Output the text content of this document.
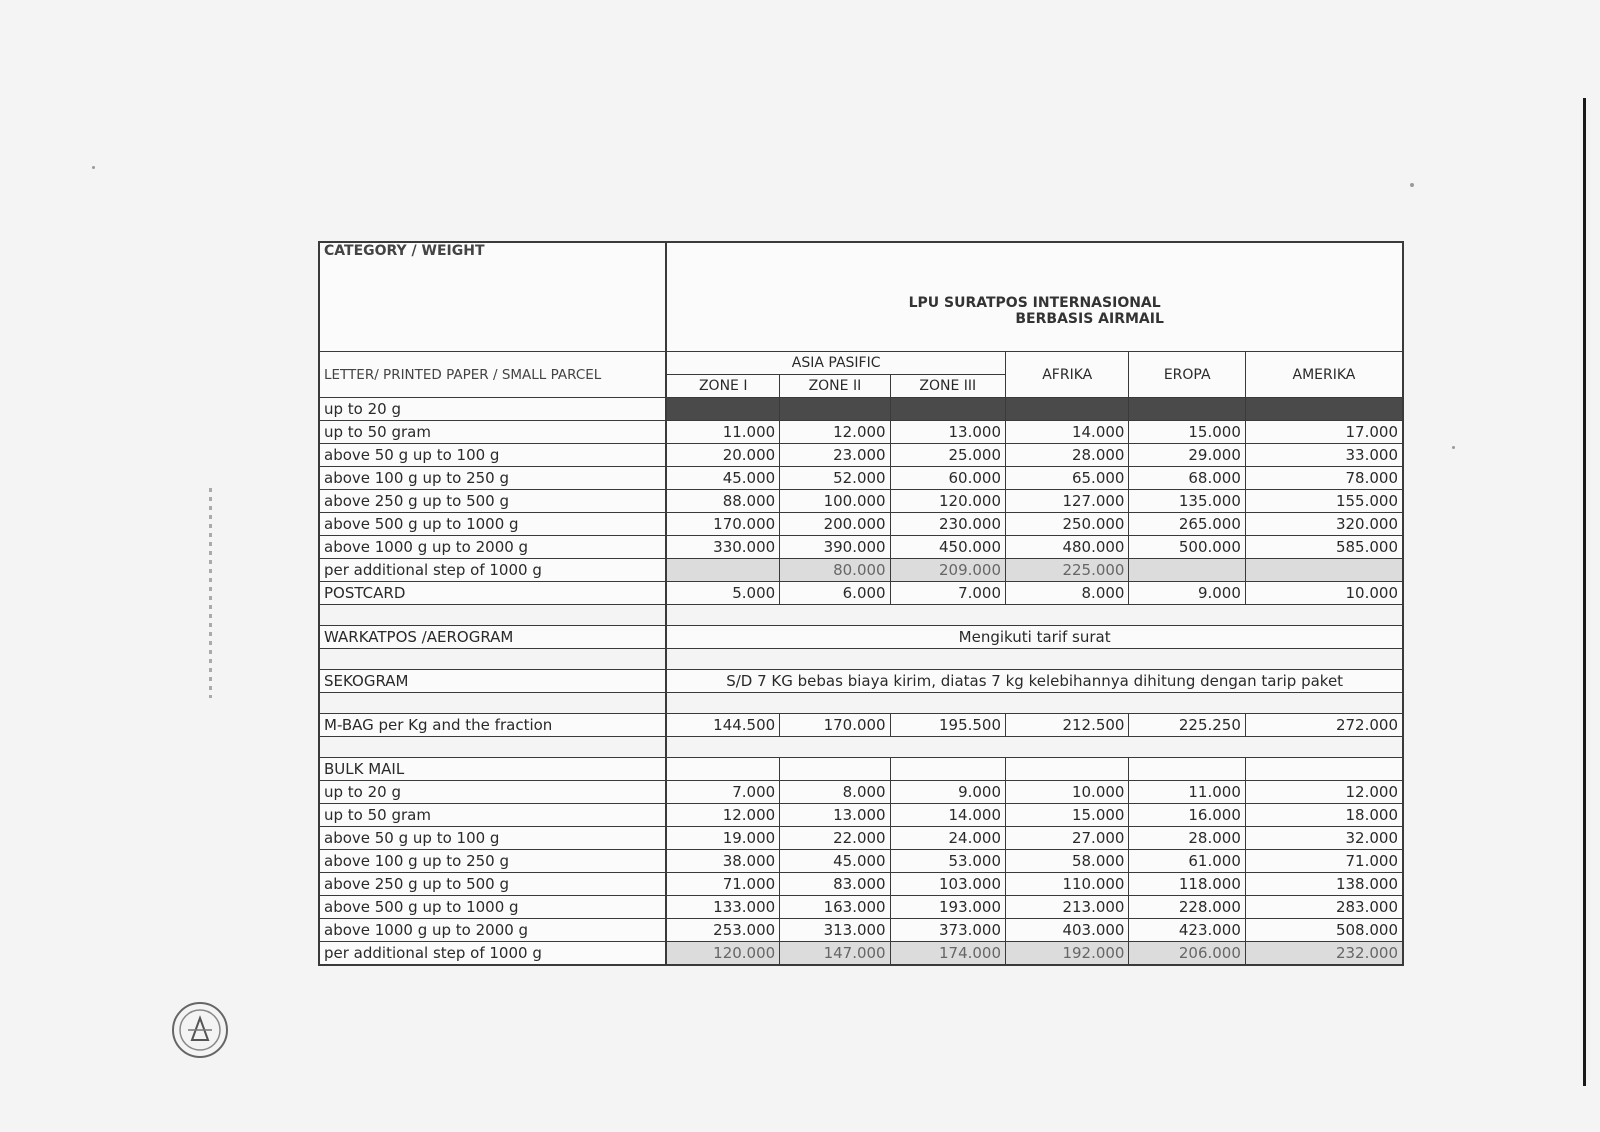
CATEGORY / WEIGHT	LPU SURATPOS INTERNASIONAL
BERBASIS AIRMAIL					

LETTER/ PRINTED PAPER / SMALL PARCEL	ASIA PASIFIC			AFRIKA	EROPA	AMERIKA
	ZONE I	ZONE II	ZONE III			
up to 20 g						
up to 50 gram	11.000	12.000	13.000	14.000	15.000	17.000
above 50 g up to 100 g	20.000	23.000	25.000	28.000	29.000	33.000
above 100 g up to 250 g	45.000	52.000	60.000	65.000	68.000	78.000
above 250 g up to 500 g	88.000	100.000	120.000	127.000	135.000	155.000
above 500 g up to 1000 g	170.000	200.000	230.000	250.000	265.000	320.000
above 1000 g up to 2000 g	330.000	390.000	450.000	480.000	500.000	585.000
per additional step of 1000 g		80.000	209.000	225.000		
POSTCARD	5.000	6.000	7.000	8.000	9.000	10.000

WARKATPOS /AEROGRAM	Mengikuti tarif surat					

SEKOGRAM	S/D 7 KG bebas biaya kirim, diatas 7 kg kelebihannya dihitung dengan tarip paket					

M-BAG per Kg and the fraction	144.500	170.000	195.500	212.500	225.250	272.000

BULK MAIL						
up to 20 g	7.000	8.000	9.000	10.000	11.000	12.000
up to 50 gram	12.000	13.000	14.000	15.000	16.000	18.000
above 50 g up to 100 g	19.000	22.000	24.000	27.000	28.000	32.000
above 100 g up to 250 g	38.000	45.000	53.000	58.000	61.000	71.000
above 250 g up to 500 g	71.000	83.000	103.000	110.000	118.000	138.000
above 500 g up to 1000 g	133.000	163.000	193.000	213.000	228.000	283.000
above 1000 g up to 2000 g	253.000	313.000	373.000	403.000	423.000	508.000
per additional step of 1000 g	120.000	147.000	174.000	192.000	206.000	232.000
